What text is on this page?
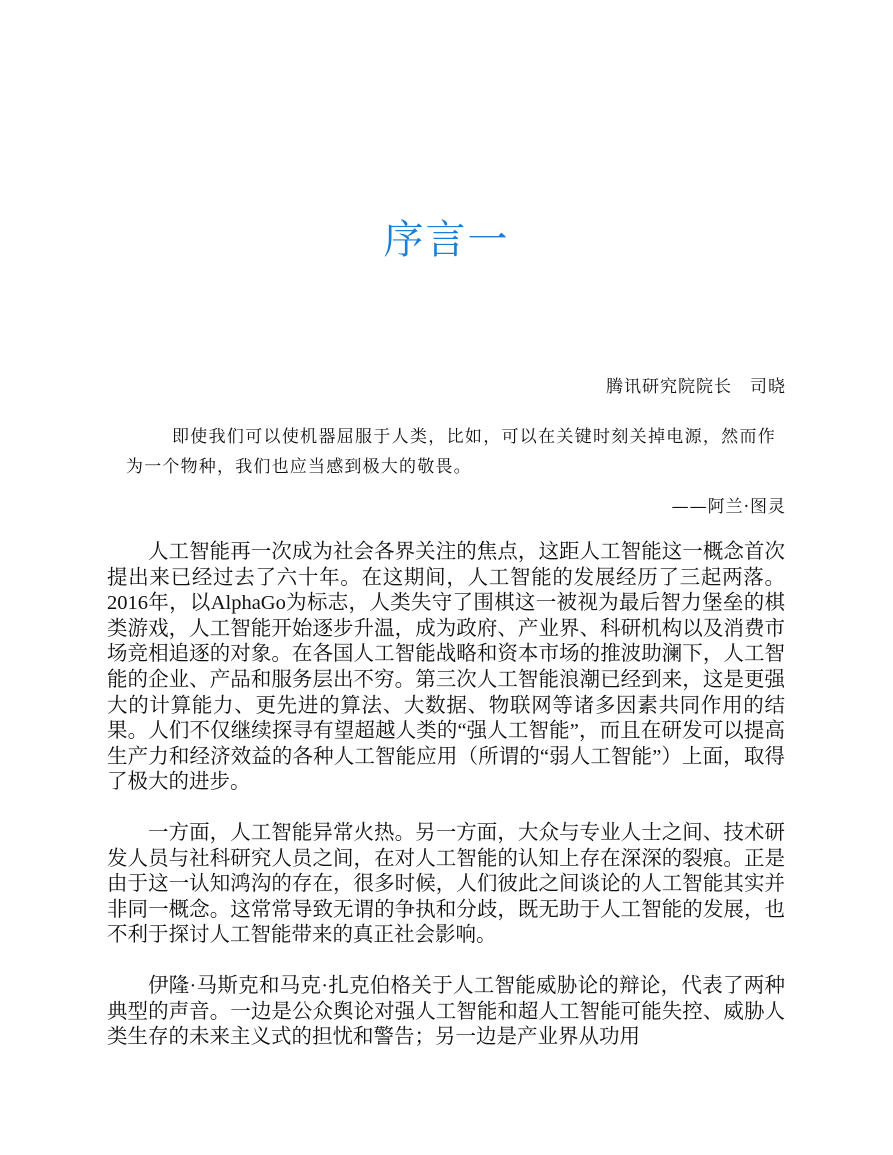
序言一
腾讯研究院院长　司晓
即使我们可以使机器屈服于人类，比如，可以在关键时刻关掉电源，然而作为一个物种，我们也应当感到极大的敬畏。
——阿兰·图灵

人工智能再一次成为社会各界关注的焦点，这距人工智能这一概念首次提出来已经过去了六十年。在这期间，人工智能的发展经历了三起两落。2016年，以AlphaGo为标志，人类失守了围棋这一被视为最后智力堡垒的棋类游戏，人工智能开始逐步升温，成为政府、产业界、科研机构以及消费市场竞相追逐的对象。在各国人工智能战略和资本市场的推波助澜下，人工智能的企业、产品和服务层出不穷。第三次人工智能浪潮已经到来，这是更强大的计算能力、更先进的算法、大数据、物联网等诸多因素共同作用的结果。人们不仅继续探寻有望超越人类的“强人工智能”，而且在研发可以提高生产力和经济效益的各种人工智能应用（所谓的“弱人工智能”）上面，取得了极大的进步。

一方面，人工智能异常火热。另一方面，大众与专业人士之间、技术研发人员与社科研究人员之间，在对人工智能的认知上存在深深的裂痕。正是由于这一认知鸿沟的存在，很多时候，人们彼此之间谈论的人工智能其实并非同一概念。这常常导致无谓的争执和分歧，既无助于人工智能的发展，也不利于探讨人工智能带来的真正社会影响。

伊隆·马斯克和马克·扎克伯格关于人工智能威胁论的辩论，代表了两种典型的声音。一边是公众舆论对强人工智能和超人工智能可能失控、威胁人类生存的未来主义式的担忧和警告；另一边是产业界从功用
